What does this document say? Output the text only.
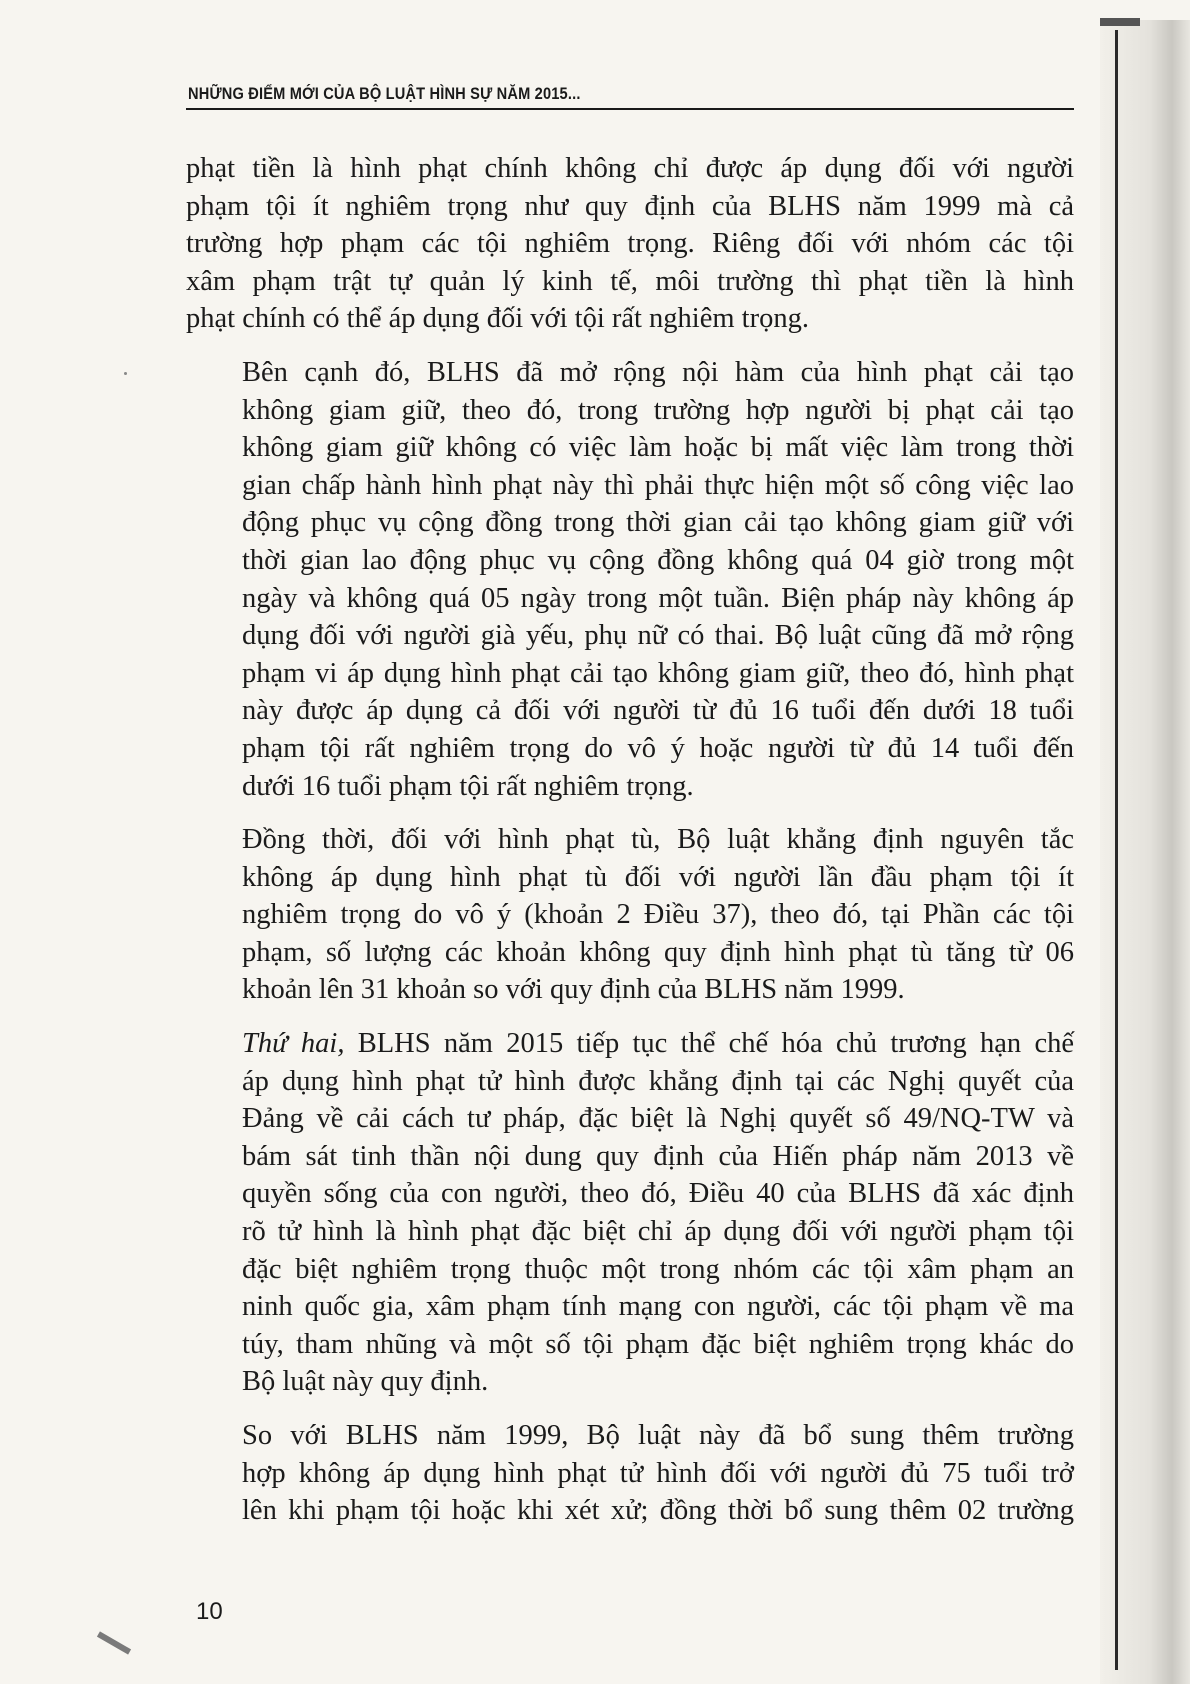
NHỮNG ĐIỂM MỚI CỦA BỘ LUẬT HÌNH SỰ NĂM 2015...
phạt tiền là hình phạt chính không chỉ được áp dụng đối với người
phạm tội ít nghiêm trọng như quy định của BLHS năm 1999 mà cả
trường hợp phạm các tội nghiêm trọng. Riêng đối với nhóm các tội
xâm phạm trật tự quản lý kinh tế, môi trường thì phạt tiền là hình
phạt chính có thể áp dụng đối với tội rất nghiêm trọng.
Bên cạnh đó, BLHS đã mở rộng nội hàm của hình phạt cải tạo
không giam giữ, theo đó, trong trường hợp người bị phạt cải tạo
không giam giữ không có việc làm hoặc bị mất việc làm trong thời
gian chấp hành hình phạt này thì phải thực hiện một số công việc lao
động phục vụ cộng đồng trong thời gian cải tạo không giam giữ với
thời gian lao động phục vụ cộng đồng không quá 04 giờ trong một
ngày và không quá 05 ngày trong một tuần. Biện pháp này không áp
dụng đối với người già yếu, phụ nữ có thai. Bộ luật cũng đã mở rộng
phạm vi áp dụng hình phạt cải tạo không giam giữ, theo đó, hình phạt
này được áp dụng cả đối với người từ đủ 16 tuổi đến dưới 18 tuổi
phạm tội rất nghiêm trọng do vô ý hoặc người từ đủ 14 tuổi đến
dưới 16 tuổi phạm tội rất nghiêm trọng.
Đồng thời, đối với hình phạt tù, Bộ luật khẳng định nguyên tắc
không áp dụng hình phạt tù đối với người lần đầu phạm tội ít
nghiêm trọng do vô ý (khoản 2 Điều 37), theo đó, tại Phần các tội
phạm, số lượng các khoản không quy định hình phạt tù tăng từ 06
khoản lên 31 khoản so với quy định của BLHS năm 1999.
Thứ hai, BLHS năm 2015 tiếp tục thể chế hóa chủ trương hạn chế
áp dụng hình phạt tử hình được khẳng định tại các Nghị quyết của
Đảng về cải cách tư pháp, đặc biệt là Nghị quyết số 49/NQ-TW và
bám sát tinh thần nội dung quy định của Hiến pháp năm 2013 về
quyền sống của con người, theo đó, Điều 40 của BLHS đã xác định
rõ tử hình là hình phạt đặc biệt chỉ áp dụng đối với người phạm tội
đặc biệt nghiêm trọng thuộc một trong nhóm các tội xâm phạm an
ninh quốc gia, xâm phạm tính mạng con người, các tội phạm về ma
túy, tham nhũng và một số tội phạm đặc biệt nghiêm trọng khác do
Bộ luật này quy định.
So với BLHS năm 1999, Bộ luật này đã bổ sung thêm trường
hợp không áp dụng hình phạt tử hình đối với người đủ 75 tuổi trở
lên khi phạm tội hoặc khi xét xử; đồng thời bổ sung thêm 02 trường
10
